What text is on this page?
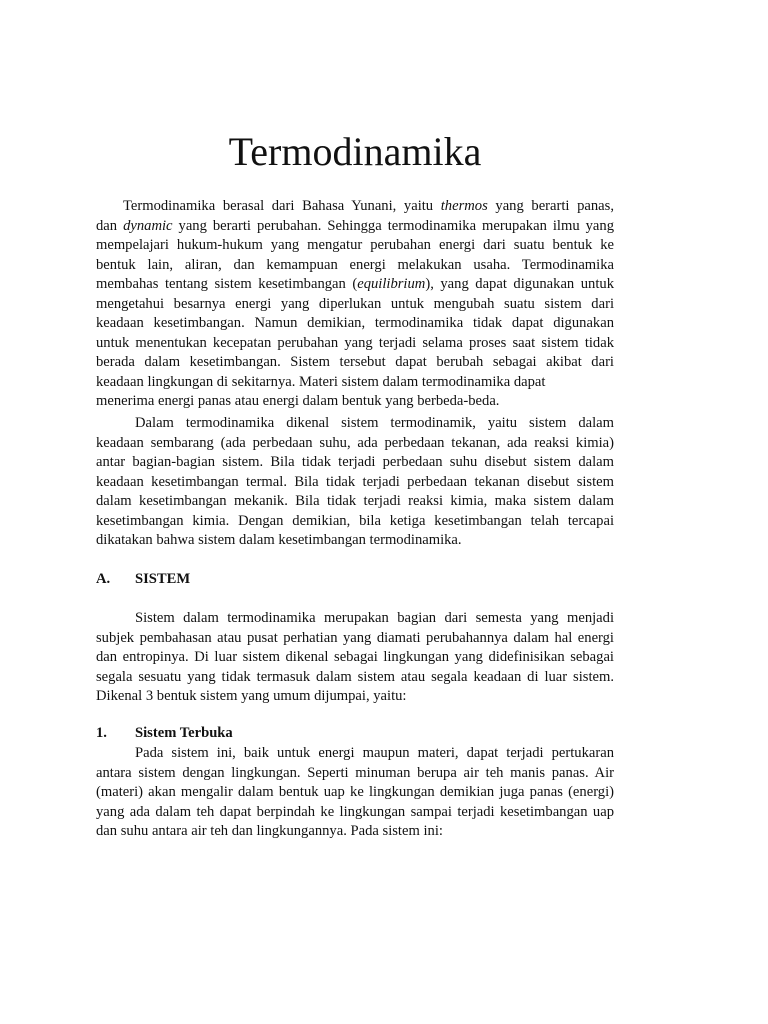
Termodinamika
Termodinamika berasal dari Bahasa Yunani, yaitu thermos yang berarti panas,
dan dynamic yang berarti perubahan. Sehingga termodinamika merupakan ilmu yang
mempelajari hukum-hukum yang mengatur perubahan energi dari suatu bentuk ke
bentuk lain, aliran, dan kemampuan energi melakukan usaha. Termodinamika
membahas tentang sistem kesetimbangan (equilibrium), yang dapat digunakan untuk
mengetahui besarnya energi yang diperlukan untuk mengubah suatu sistem dari
keadaan kesetimbangan. Namun demikian, termodinamika tidak dapat digunakan
untuk menentukan kecepatan perubahan yang terjadi selama proses saat sistem tidak
berada dalam kesetimbangan. Sistem tersebut dapat berubah sebagai akibat dari
keadaan lingkungan di sekitarnya. Materi sistem dalam termodinamika dapat
menerima energi panas atau energi dalam bentuk yang berbeda-beda.
Dalam termodinamika dikenal sistem termodinamik, yaitu sistem dalam
keadaan sembarang (ada perbedaan suhu, ada perbedaan tekanan, ada reaksi kimia)
antar bagian-bagian sistem. Bila tidak terjadi perbedaan suhu disebut sistem dalam
keadaan kesetimbangan termal. Bila tidak terjadi perbedaan tekanan disebut sistem
dalam kesetimbangan mekanik. Bila tidak terjadi reaksi kimia, maka sistem dalam
kesetimbangan kimia. Dengan demikian, bila ketiga kesetimbangan telah tercapai
dikatakan bahwa sistem dalam kesetimbangan termodinamika.
A. SISTEM
Sistem dalam termodinamika merupakan bagian dari semesta yang menjadi
subjek pembahasan atau pusat perhatian yang diamati perubahannya dalam hal energi
dan entropinya. Di luar sistem dikenal sebagai lingkungan yang didefinisikan sebagai
segala sesuatu yang tidak termasuk dalam sistem atau segala keadaan di luar sistem.
Dikenal 3 bentuk sistem yang umum dijumpai, yaitu:
1. Sistem Terbuka
Pada sistem ini, baik untuk energi maupun materi, dapat terjadi pertukaran
antara sistem dengan lingkungan. Seperti minuman berupa air teh manis panas. Air
(materi) akan mengalir dalam bentuk uap ke lingkungan demikian juga panas (energi)
yang ada dalam teh dapat berpindah ke lingkungan sampai terjadi kesetimbangan uap
dan suhu antara air teh dan lingkungannya. Pada sistem ini:
